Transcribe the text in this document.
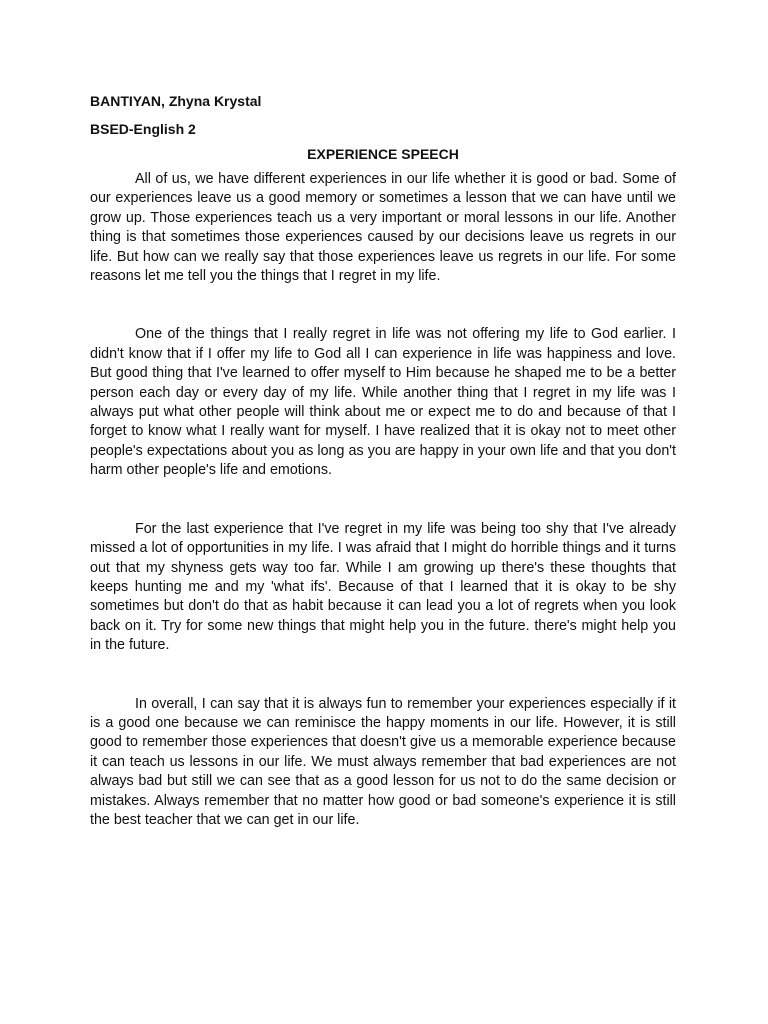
BANTIYAN, Zhyna Krystal

BSED-English 2

EXPERIENCE SPEECH

All of us, we have different experiences in our life whether it is good or bad. Some of our experiences leave us a good memory or sometimes a lesson that we can have until we grow up. Those experiences teach us a very important or moral lessons in our life. Another thing is that sometimes those experiences caused by our decisions leave us regrets in our life. But how can we really say that those experiences leave us regrets in our life. For some reasons let me tell you the things that I regret in my life.

One of the things that I really regret in life was not offering my life to God earlier. I didn't know that if I offer my life to God all I can experience in life was happiness and love. But good thing that I've learned to offer myself to Him because he shaped me to be a better person each day or every day of my life. While another thing that I regret in my life was I always put what other people will think about me or expect me to do and because of that I forget to know what I really want for myself. I have realized that it is okay not to meet other people's expectations about you as long as you are happy in your own life and that you don't harm other people's life and emotions.

For the last experience that I've regret in my life was being too shy that I've already missed a lot of opportunities in my life. I was afraid that I might do horrible things and it turns out that my shyness gets way too far. While I am growing up there's these thoughts that keeps hunting me and my 'what ifs'. Because of that I learned that it is okay to be shy sometimes but don't do that as habit because it can lead you a lot of regrets when you look back on it. Try for some new things that might help you in the future. there's might help you in the future.

In overall, I can say that it is always fun to remember your experiences especially if it is a good one because we can reminisce the happy moments in our life. However, it is still good to remember those experiences that doesn't give us a memorable experience because it can teach us lessons in our life. We must always remember that bad experiences are not always bad but still we can see that as a good lesson for us not to do the same decision or mistakes. Always remember that no matter how good or bad someone's experience it is still the best teacher that we can get in our life.
